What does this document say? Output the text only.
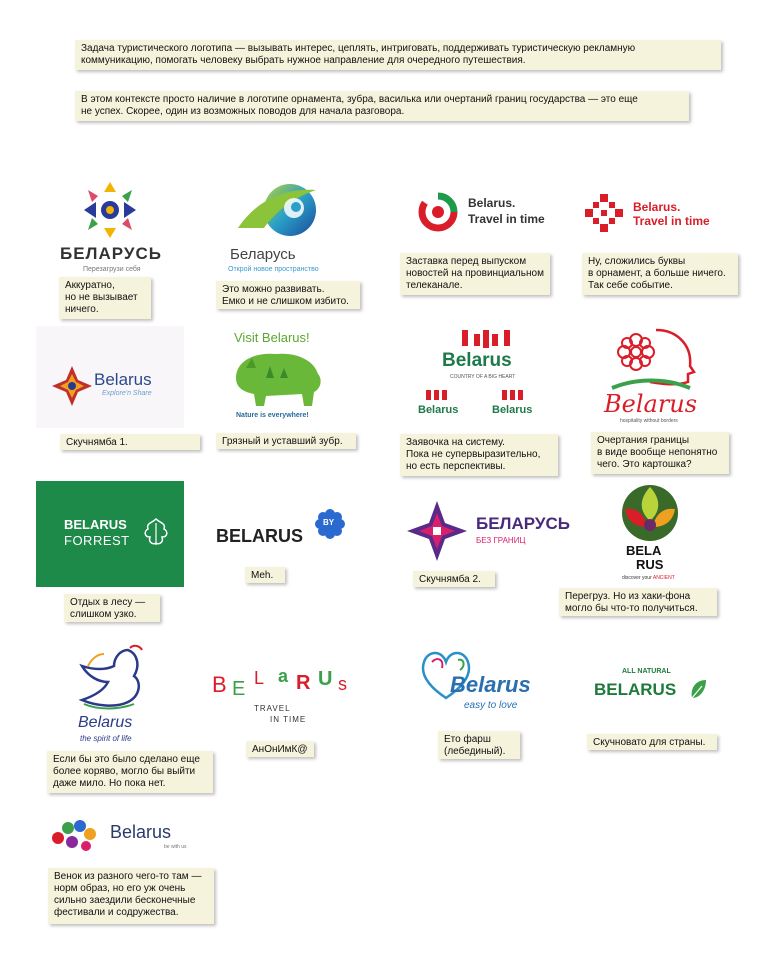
Задача туристического логотипа — вызывать интерес, цеплять, интриговать, поддерживать туристическую рекламную
коммуникацию, помогать человеку выбрать нужное направление для очередного путешествия.
В этом контексте просто наличие в логотипе орнамента, зубра, василька или очертаний границ государства — это еще
не успех. Скорее, один из возможных поводов для начала разговора.
БЕЛАРУСЬ
Перезагрузи себя
Аккуратно,
но не вызывает
ничего.
Беларусь
Открой новое пространство
Это можно развивать.
Емко и не слишком избито.
Belarus.
Travel in time
Заставка перед выпуском
новостей на провинциальном
телеканале.
Belarus.
Travel in time
Ну, сложились буквы
в орнамент, а больше ничего.
Так себе событие.
Belarus
Explore'n Share
Скучнямба 1.
Visit Belarus!
Nature is everywhere!
Грязный и уставший зубр.
Belarus
COUNTRY OF A BIG HEART
Belarus	Belarus
Заявочка на систему.
Пока не супервыразительно,
но есть перспективы.
Belarus
hospitality without borders
Очертания границы
в виде вообще непонятно
чего. Это картошка?
BELARUS
FORREST
Отдых в лесу —
слишком узко.
BELARUS
BY
Meh.
БЕЛАРУСЬ
БЕЗ ГРАНИЦ
Скучнямба 2.
BELA
RUS
discover your ANCIENT
Перегруз. Но из хаки-фона
могло бы что-то получиться.
Belarus
the spirit of life
Если бы это было сделано еще
более коряво, могло бы выйти
даже мило. Но пока нет.
B E L a R U s
TRAVEL
IN TIME
АнОнИмК@
Belarus
easy to love
Ето фарш
(лебединый).
ALL NATURAL
BELARUS
Скучновато для страны.
Belarus
be with us
Венок из разного чего-то там —
норм образ, но его уж очень
сильно заездили бесконечные
фестивали и содружества.
